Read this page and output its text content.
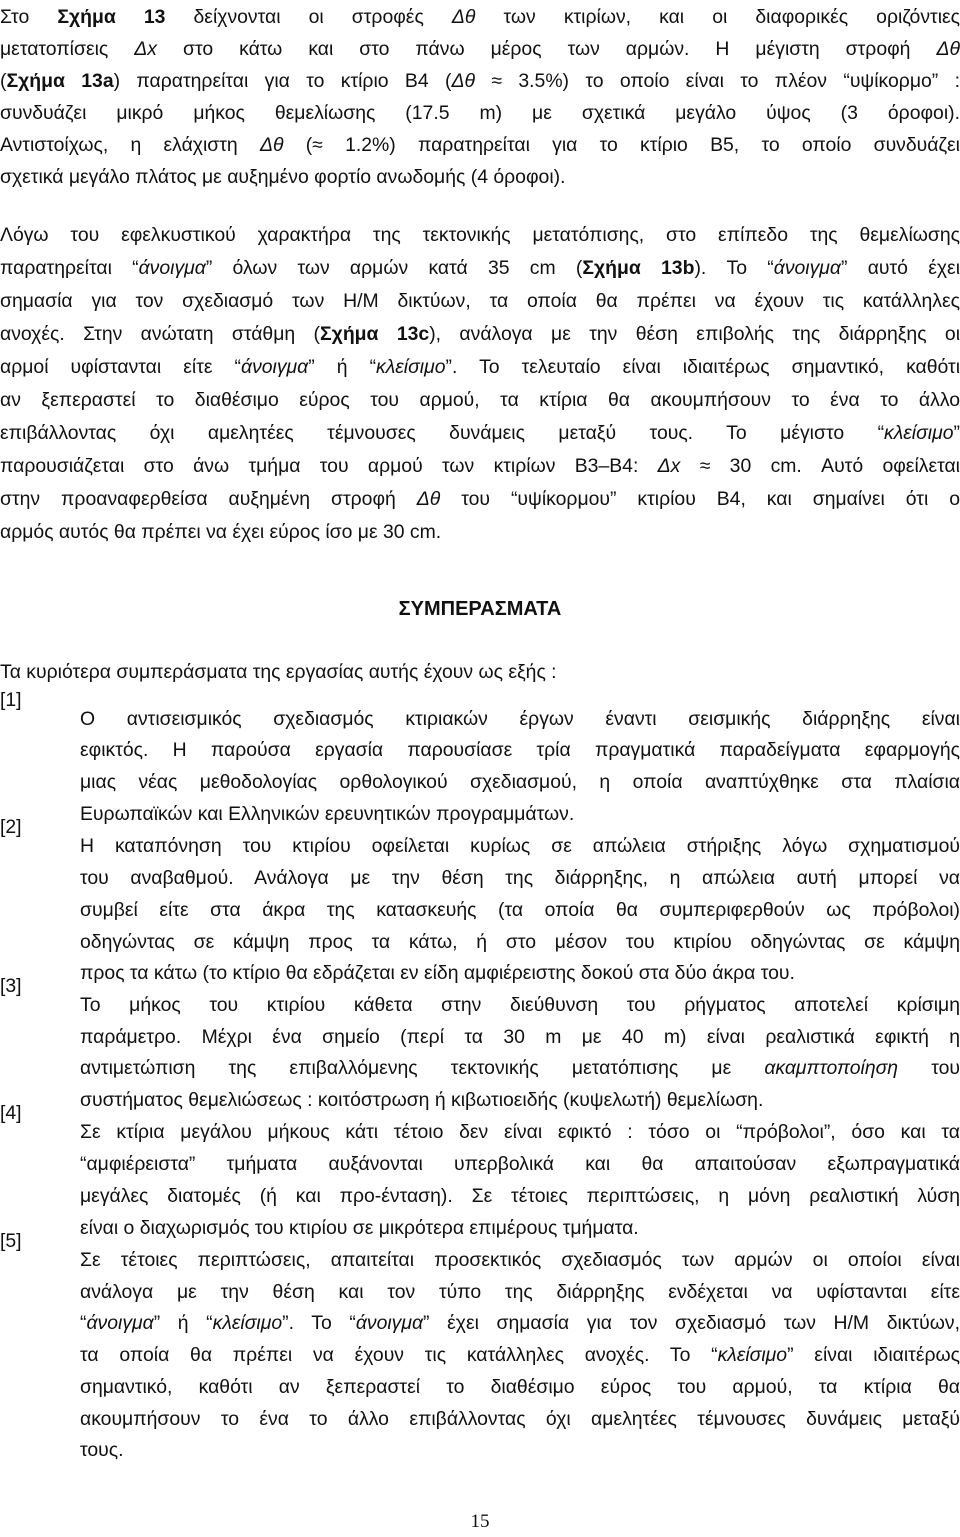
Στο Σχήμα 13 δείχνονται οι στροφές Δθ των κτιρίων, και οι διαφορικές οριζόντιες

μετατοπίσεις Δx στο κάτω και στο πάνω μέρος των αρμών. Η μέγιστη στροφή Δθ

(Σχήμα 13a) παρατηρείται για το κτίριο Β4 (Δθ ≈ 3.5%) το οποίο είναι το πλέον “υψίκορμο” :

συνδυάζει μικρό μήκος θεμελίωσης (17.5 m) με σχετικά μεγάλο ύψος (3 όροφοι).

Αντιστοίχως, η ελάχιστη Δθ (≈ 1.2%) παρατηρείται για το κτίριο Β5, το οποίο συνδυάζει

σχετικά μεγάλο πλάτος με αυξημένο φορτίο ανωδομής (4 όροφοι).

Λόγω του εφελκυστικού χαρακτήρα της τεκτονικής μετατόπισης, στο επίπεδο της θεμελίωσης

παρατηρείται “άνοιγμα” όλων των αρμών κατά 35 cm (Σχήμα 13b). Το “άνοιγμα” αυτό έχει

σημασία για τον σχεδιασμό των Η/Μ δικτύων, τα οποία θα πρέπει να έχουν τις κατάλληλες

ανοχές. Στην ανώτατη στάθμη (Σχήμα 13c), ανάλογα με την θέση επιβολής της διάρρηξης οι

αρμοί υφίστανται είτε “άνοιγμα” ή “κλείσιμο”. Το τελευταίο είναι ιδιαιτέρως σημαντικό, καθότι

αν ξεπεραστεί το διαθέσιμο εύρος του αρμού, τα κτίρια θα ακουμπήσουν το ένα το άλλο

επιβάλλοντας όχι αμελητέες τέμνουσες δυνάμεις μεταξύ τους. Το μέγιστο “κλείσιμο”

παρουσιάζεται στο άνω τμήμα του αρμού των κτιρίων Β3–Β4: Δx ≈ 30 cm. Αυτό οφείλεται

στην προαναφερθείσα αυξημένη στροφή Δθ του “υψίκορμου” κτιρίου Β4, και σημαίνει ότι ο

αρμός αυτός θα πρέπει να έχει εύρος ίσο με 30 cm.

ΣΥΜΠΕΡΑΣΜΑΤΑ

Τα κυριότερα συμπεράσματα της εργασίας αυτής έχουν ως εξής :

[1]

Ο αντισεισμικός σχεδιασμός κτιριακών έργων έναντι σεισμικής διάρρηξης είναι

εφικτός. Η παρούσα εργασία παρουσίασε τρία πραγματικά παραδείγματα εφαρμογής

μιας νέας μεθοδολογίας ορθολογικού σχεδιασμού, η οποία αναπτύχθηκε στα πλαίσια

Ευρωπαϊκών και Ελληνικών ερευνητικών προγραμμάτων.

[2]

Η καταπόνηση του κτιρίου οφείλεται κυρίως σε απώλεια στήριξης λόγω σχηματισμού

του αναβαθμού. Ανάλογα με την θέση της διάρρηξης, η απώλεια αυτή μπορεί να

συμβεί είτε στα άκρα της κατασκευής (τα οποία θα συμπεριφερθούν ως πρόβολοι)

οδηγώντας σε κάμψη προς τα κάτω, ή στο μέσον του κτιρίου οδηγώντας σε κάμψη

προς τα κάτω (το κτίριο θα εδράζεται εν είδη αμφιέρειστης δοκού στα δύο άκρα του.

[3]

Το μήκος του κτιρίου κάθετα στην διεύθυνση του ρήγματος αποτελεί κρίσιμη

παράμετρο. Μέχρι ένα σημείο (περί τα 30 m με 40 m) είναι ρεαλιστικά εφικτή η

αντιμετώπιση της επιβαλλόμενης τεκτονικής μετατόπισης με ακαμπτοποίηση του

συστήματος θεμελιώσεως : κοιτόστρωση ή κιβωτιοειδής (κυψελωτή) θεμελίωση.

[4]

Σε κτίρια μεγάλου μήκους κάτι τέτοιο δεν είναι εφικτό : τόσο οι “πρόβολοι”, όσο και τα

“αμφιέρειστα” τμήματα αυξάνονται υπερβολικά και θα απαιτούσαν εξωπραγματικά

μεγάλες διατομές (ή και προ-ένταση). Σε τέτοιες περιπτώσεις, η μόνη ρεαλιστική λύση

είναι ο διαχωρισμός του κτιρίου σε μικρότερα επιμέρους τμήματα.

[5]

Σε τέτοιες περιπτώσεις, απαιτείται προσεκτικός σχεδιασμός των αρμών οι οποίοι είναι

ανάλογα με την θέση και τον τύπο της διάρρηξης ενδέχεται να υφίστανται είτε

“άνοιγμα” ή “κλείσιμο”. Το “άνοιγμα” έχει σημασία για τον σχεδιασμό των Η/Μ δικτύων,

τα οποία θα πρέπει να έχουν τις κατάλληλες ανοχές. Το “κλείσιμο” είναι ιδιαιτέρως

σημαντικό, καθότι αν ξεπεραστεί το διαθέσιμο εύρος του αρμού, τα κτίρια θα

ακουμπήσουν το ένα το άλλο επιβάλλοντας όχι αμελητέες τέμνουσες δυνάμεις μεταξύ

τους.

15
